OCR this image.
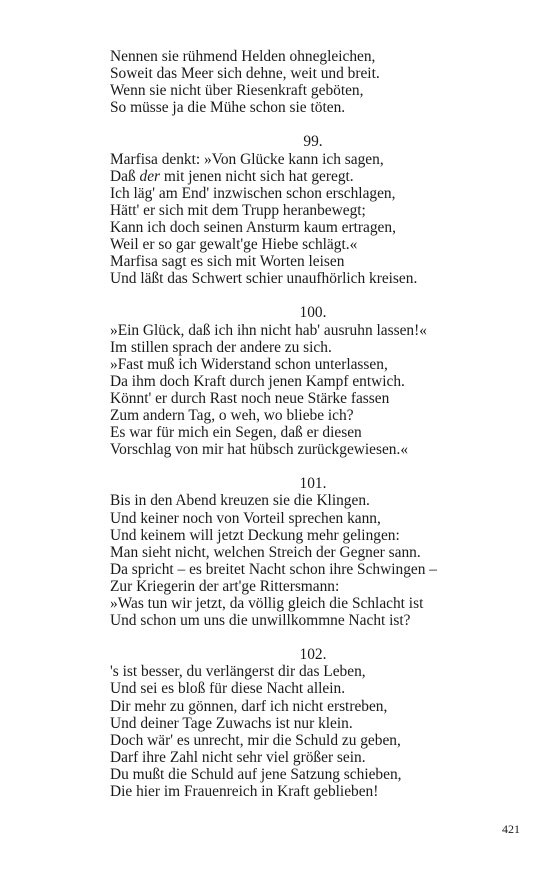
Nennen sie rühmend Helden ohnegleichen,
Soweit das Meer sich dehne, weit und breit.
Wenn sie nicht über Riesenkraft geböten,
So müsse ja die Mühe schon sie töten.
99.
Marfisa denkt: »Von Glücke kann ich sagen,
Daß der mit jenen nicht sich hat geregt.
Ich läg' am End' inzwischen schon erschlagen,
Hätt' er sich mit dem Trupp heranbewegt;
Kann ich doch seinen Ansturm kaum ertragen,
Weil er so gar gewalt'ge Hiebe schlägt.«
Marfisa sagt es sich mit Worten leisen
Und läßt das Schwert schier unaufhörlich kreisen.
100.
»Ein Glück, daß ich ihn nicht hab' ausruhn lassen!«
Im stillen sprach der andere zu sich.
»Fast muß ich Widerstand schon unterlassen,
Da ihm doch Kraft durch jenen Kampf entwich.
Könnt' er durch Rast noch neue Stärke fassen
Zum andern Tag, o weh, wo bliebe ich?
Es war für mich ein Segen, daß er diesen
Vorschlag von mir hat hübsch zurückgewiesen.«
101.
Bis in den Abend kreuzen sie die Klingen.
Und keiner noch von Vorteil sprechen kann,
Und keinem will jetzt Deckung mehr gelingen:
Man sieht nicht, welchen Streich der Gegner sann.
Da spricht – es breitet Nacht schon ihre Schwingen –
Zur Kriegerin der art'ge Rittersmann:
»Was tun wir jetzt, da völlig gleich die Schlacht ist
Und schon um uns die unwillkommne Nacht ist?
102.
's ist besser, du verlängerst dir das Leben,
Und sei es bloß für diese Nacht allein.
Dir mehr zu gönnen, darf ich nicht erstreben,
Und deiner Tage Zuwachs ist nur klein.
Doch wär' es unrecht, mir die Schuld zu geben,
Darf ihre Zahl nicht sehr viel größer sein.
Du mußt die Schuld auf jene Satzung schieben,
Die hier im Frauenreich in Kraft geblieben!
421
